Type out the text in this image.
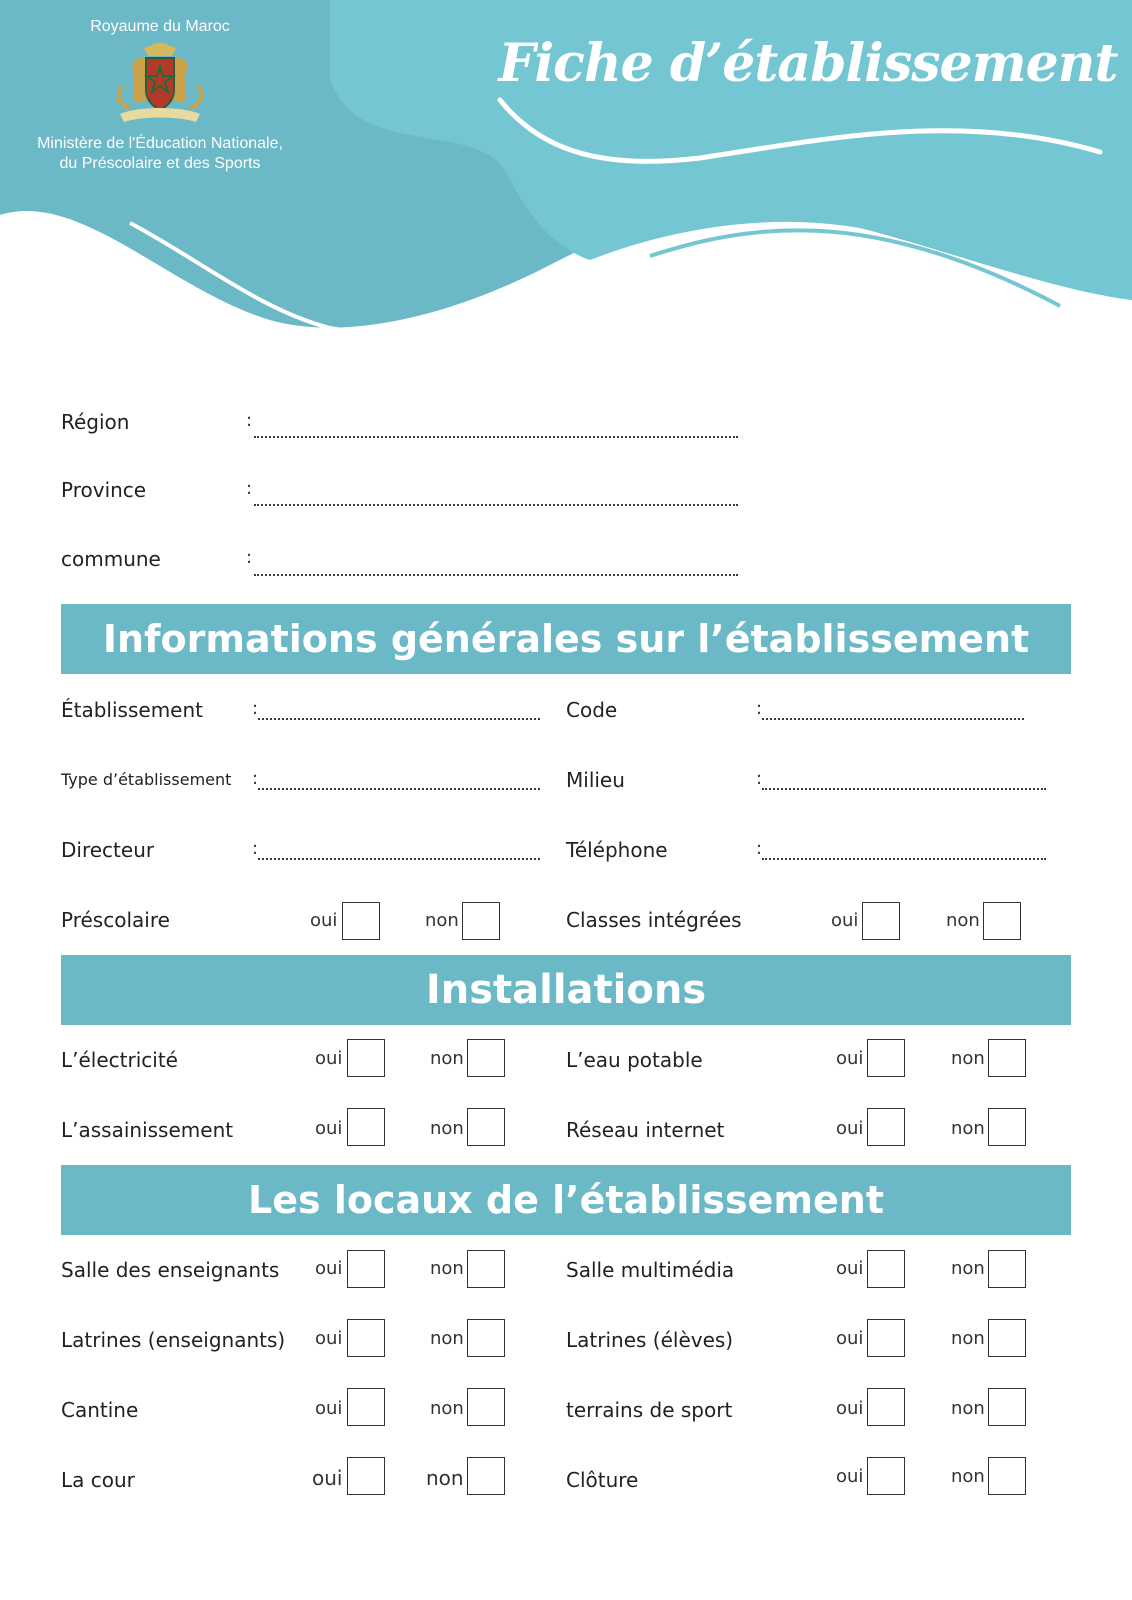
Royaume du Maroc
Ministère de l'Éducation Nationale,
du Préscolaire et des Sports
Fiche d’établissement
Région	:
Province	:
commune	:
Informations générales sur l’établissement
Établissement	:	Code	:
Type d’établissement :	Milieu	:
Directeur	:	Téléphone	:
Préscolaire	oui	non	Classes intégrées	oui	non
Installations
L’électricité	oui	non	L’eau potable	oui	non
L’assainissement	oui	non	Réseau internet	oui	non
Les locaux de l’établissement
Salle des enseignants oui	non	Salle multimédia	oui	non
Latrines (enseignants) oui	non	Latrines (élèves)	oui	non
Cantine	oui	non	terrains de sport	oui	non
La cour	oui	non	Clôture	oui	non
